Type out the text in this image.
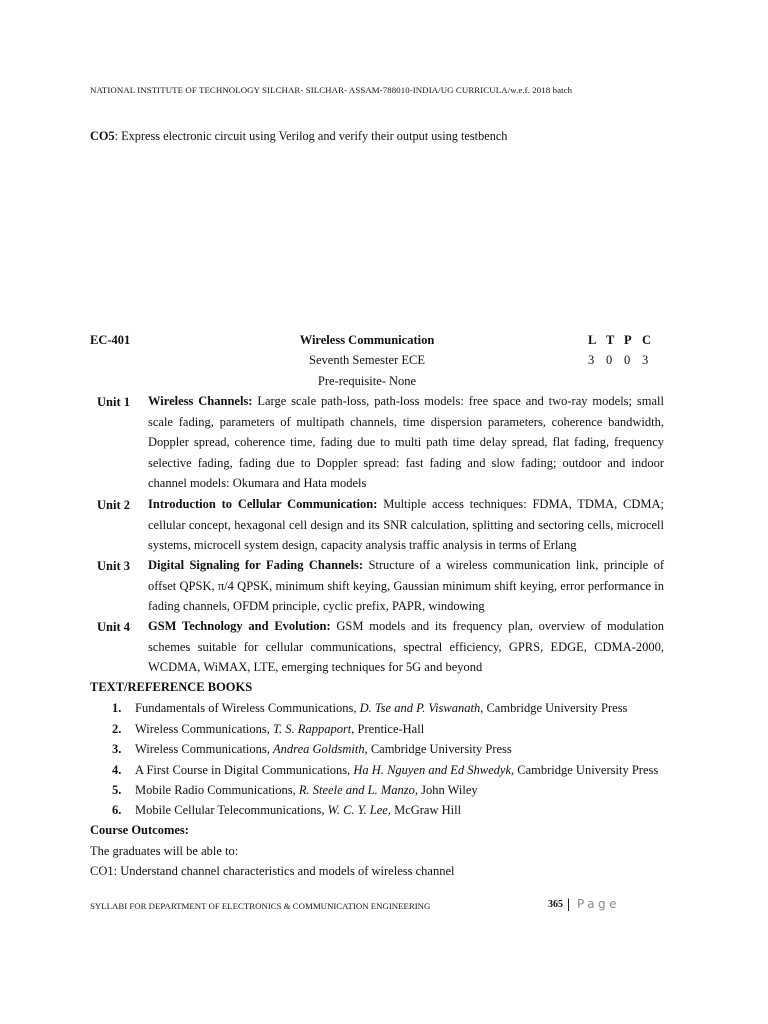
NATIONAL INSTITUTE OF TECHNOLOGY SILCHAR- SILCHAR- ASSAM-788010-INDIA/UG CURRICULA/w.e.f. 2018 batch
CO5: Express electronic circuit using Verilog and verify their output using testbench
EC-401	Wireless Communication
Seventh Semester ECE
Pre-requisite- None
L T P C
3 0 0 3
Unit 1 Wireless Channels: Large scale path-loss, path-loss models: free space and two-ray models; small scale fading, parameters of multipath channels, time dispersion parameters, coherence bandwidth, Doppler spread, coherence time, fading due to multi path time delay spread, flat fading, frequency selective fading, fading due to Doppler spread: fast fading and slow fading; outdoor and indoor channel models: Okumara and Hata models
Unit 2 Introduction to Cellular Communication: Multiple access techniques: FDMA, TDMA, CDMA; cellular concept, hexagonal cell design and its SNR calculation, splitting and sectoring cells, microcell systems, microcell system design, capacity analysis traffic analysis in terms of Erlang
Unit 3 Digital Signaling for Fading Channels: Structure of a wireless communication link, principle of offset QPSK, π/4 QPSK, minimum shift keying, Gaussian minimum shift keying, error performance in fading channels, OFDM principle, cyclic prefix, PAPR, windowing
Unit 4 GSM Technology and Evolution: GSM models and its frequency plan, overview of modulation schemes suitable for cellular communications, spectral efficiency, GPRS, EDGE, CDMA-2000, WCDMA, WiMAX, LTE, emerging techniques for 5G and beyond
TEXT/REFERENCE BOOKS
1. Fundamentals of Wireless Communications, D. Tse and P. Viswanath, Cambridge University Press
2. Wireless Communications, T. S. Rappaport, Prentice-Hall
3. Wireless Communications, Andrea Goldsmith, Cambridge University Press
4. A First Course in Digital Communications, Ha H. Nguyen and Ed Shwedyk, Cambridge University Press
5. Mobile Radio Communications, R. Steele and L. Manzo, John Wiley
6. Mobile Cellular Telecommunications, W. C. Y. Lee, McGraw Hill
Course Outcomes:
The graduates will be able to:
CO1: Understand channel characteristics and models of wireless channel
SYLLABI FOR DEPARTMENT OF ELECTRONICS & COMMUNICATION ENGINEERING	365 | Page
